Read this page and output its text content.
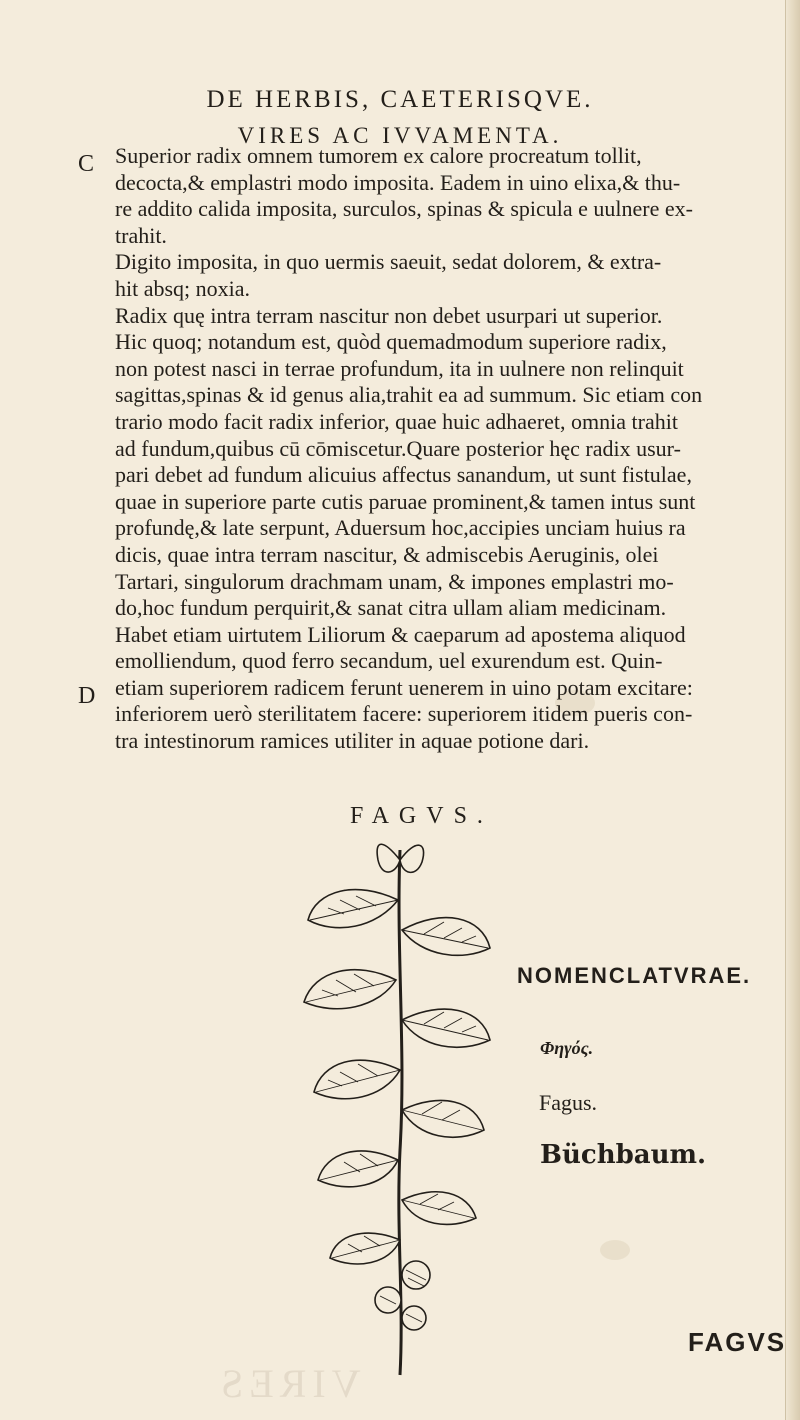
DE HERBIS, CAETERISQVE.
VIRES AC IVVAMENTA.
C
D
Superior radix omnem tumorem ex calore procreatum tollit,
decocta,& emplastri modo imposita. Eadem in uino elixa,& thu-
re addito calida imposita, surculos, spinas & spicula e uulnere ex-
trahit.
Digito imposita, in quo uermis saeuit, sedat dolorem, & extra-
hit absq; noxia.
Radix quę intra terram nascitur non debet usurpari ut superior.
Hic quoq; notandum est, quòd quemadmodum superiore radix,
non potest nasci in terrae profundum, ita in uulnere non relinquit
sagittas,spinas & id genus alia,trahit ea ad summum. Sic etiam con
trario modo facit radix inferior, quae huic adhaeret, omnia trahit
ad fundum,quibus cū cōmiscetur.Quare posterior hęc radix usur-
pari debet ad fundum alicuius affectus sanandum, ut sunt fistulae,
quae in superiore parte cutis paruae prominent,& tamen intus sunt
profundę,& late serpunt, Aduersum hoc,accipies unciam huius ra
dicis, quae intra terram nascitur, & admiscebis Aeruginis, olei
Tartari, singulorum drachmam unam, & impones emplastri mo-
do,hoc fundum perquirit,& sanat citra ullam aliam medicinam.
Habet etiam uirtutem Liliorum & caeparum ad apostema aliquod
emolliendum, quod ferro secandum, uel exurendum est. Quin-
etiam superiorem radicem ferunt uenerem in uino potam excitare:
inferiorem uerò sterilitatem facere: superiorem itidem pueris con-
tra intestinorum ramices utiliter in aquae potione dari.
FAGVS.
NOMENCLATVRAE.
Φηγός.
Fagus.
Büchbaum.
FAGVS
VIRES
